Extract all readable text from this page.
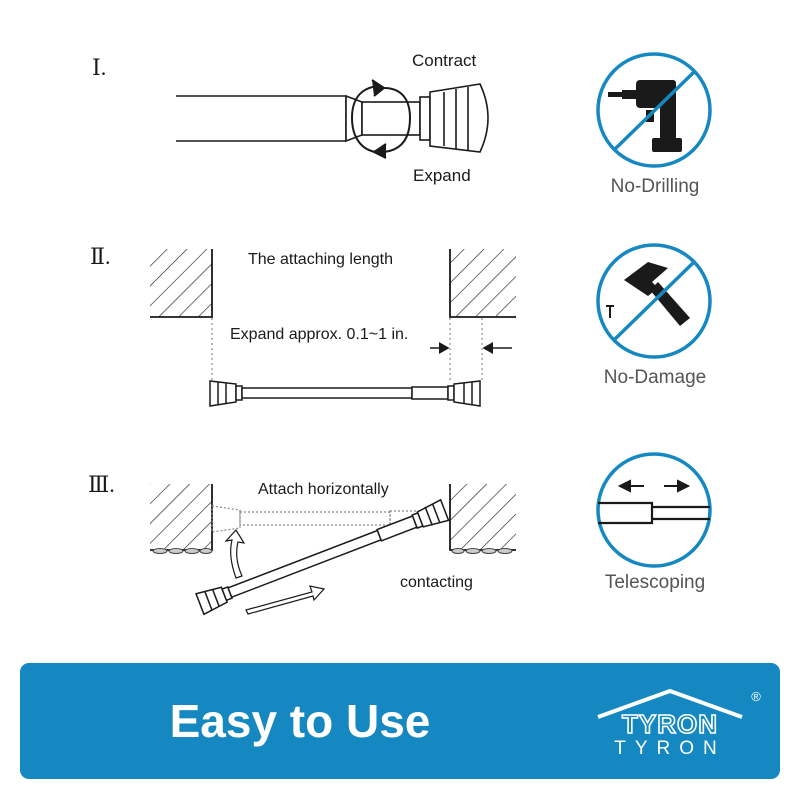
Ⅰ.	Contract
Expand
Ⅱ.	The attaching length
Expand approx. 0.1~1 in.
Ⅲ.	Attach horizontally
contacting
No-Drilling
No-Damage
Telescoping
Easy to Use	TYRON
®
TYRON
